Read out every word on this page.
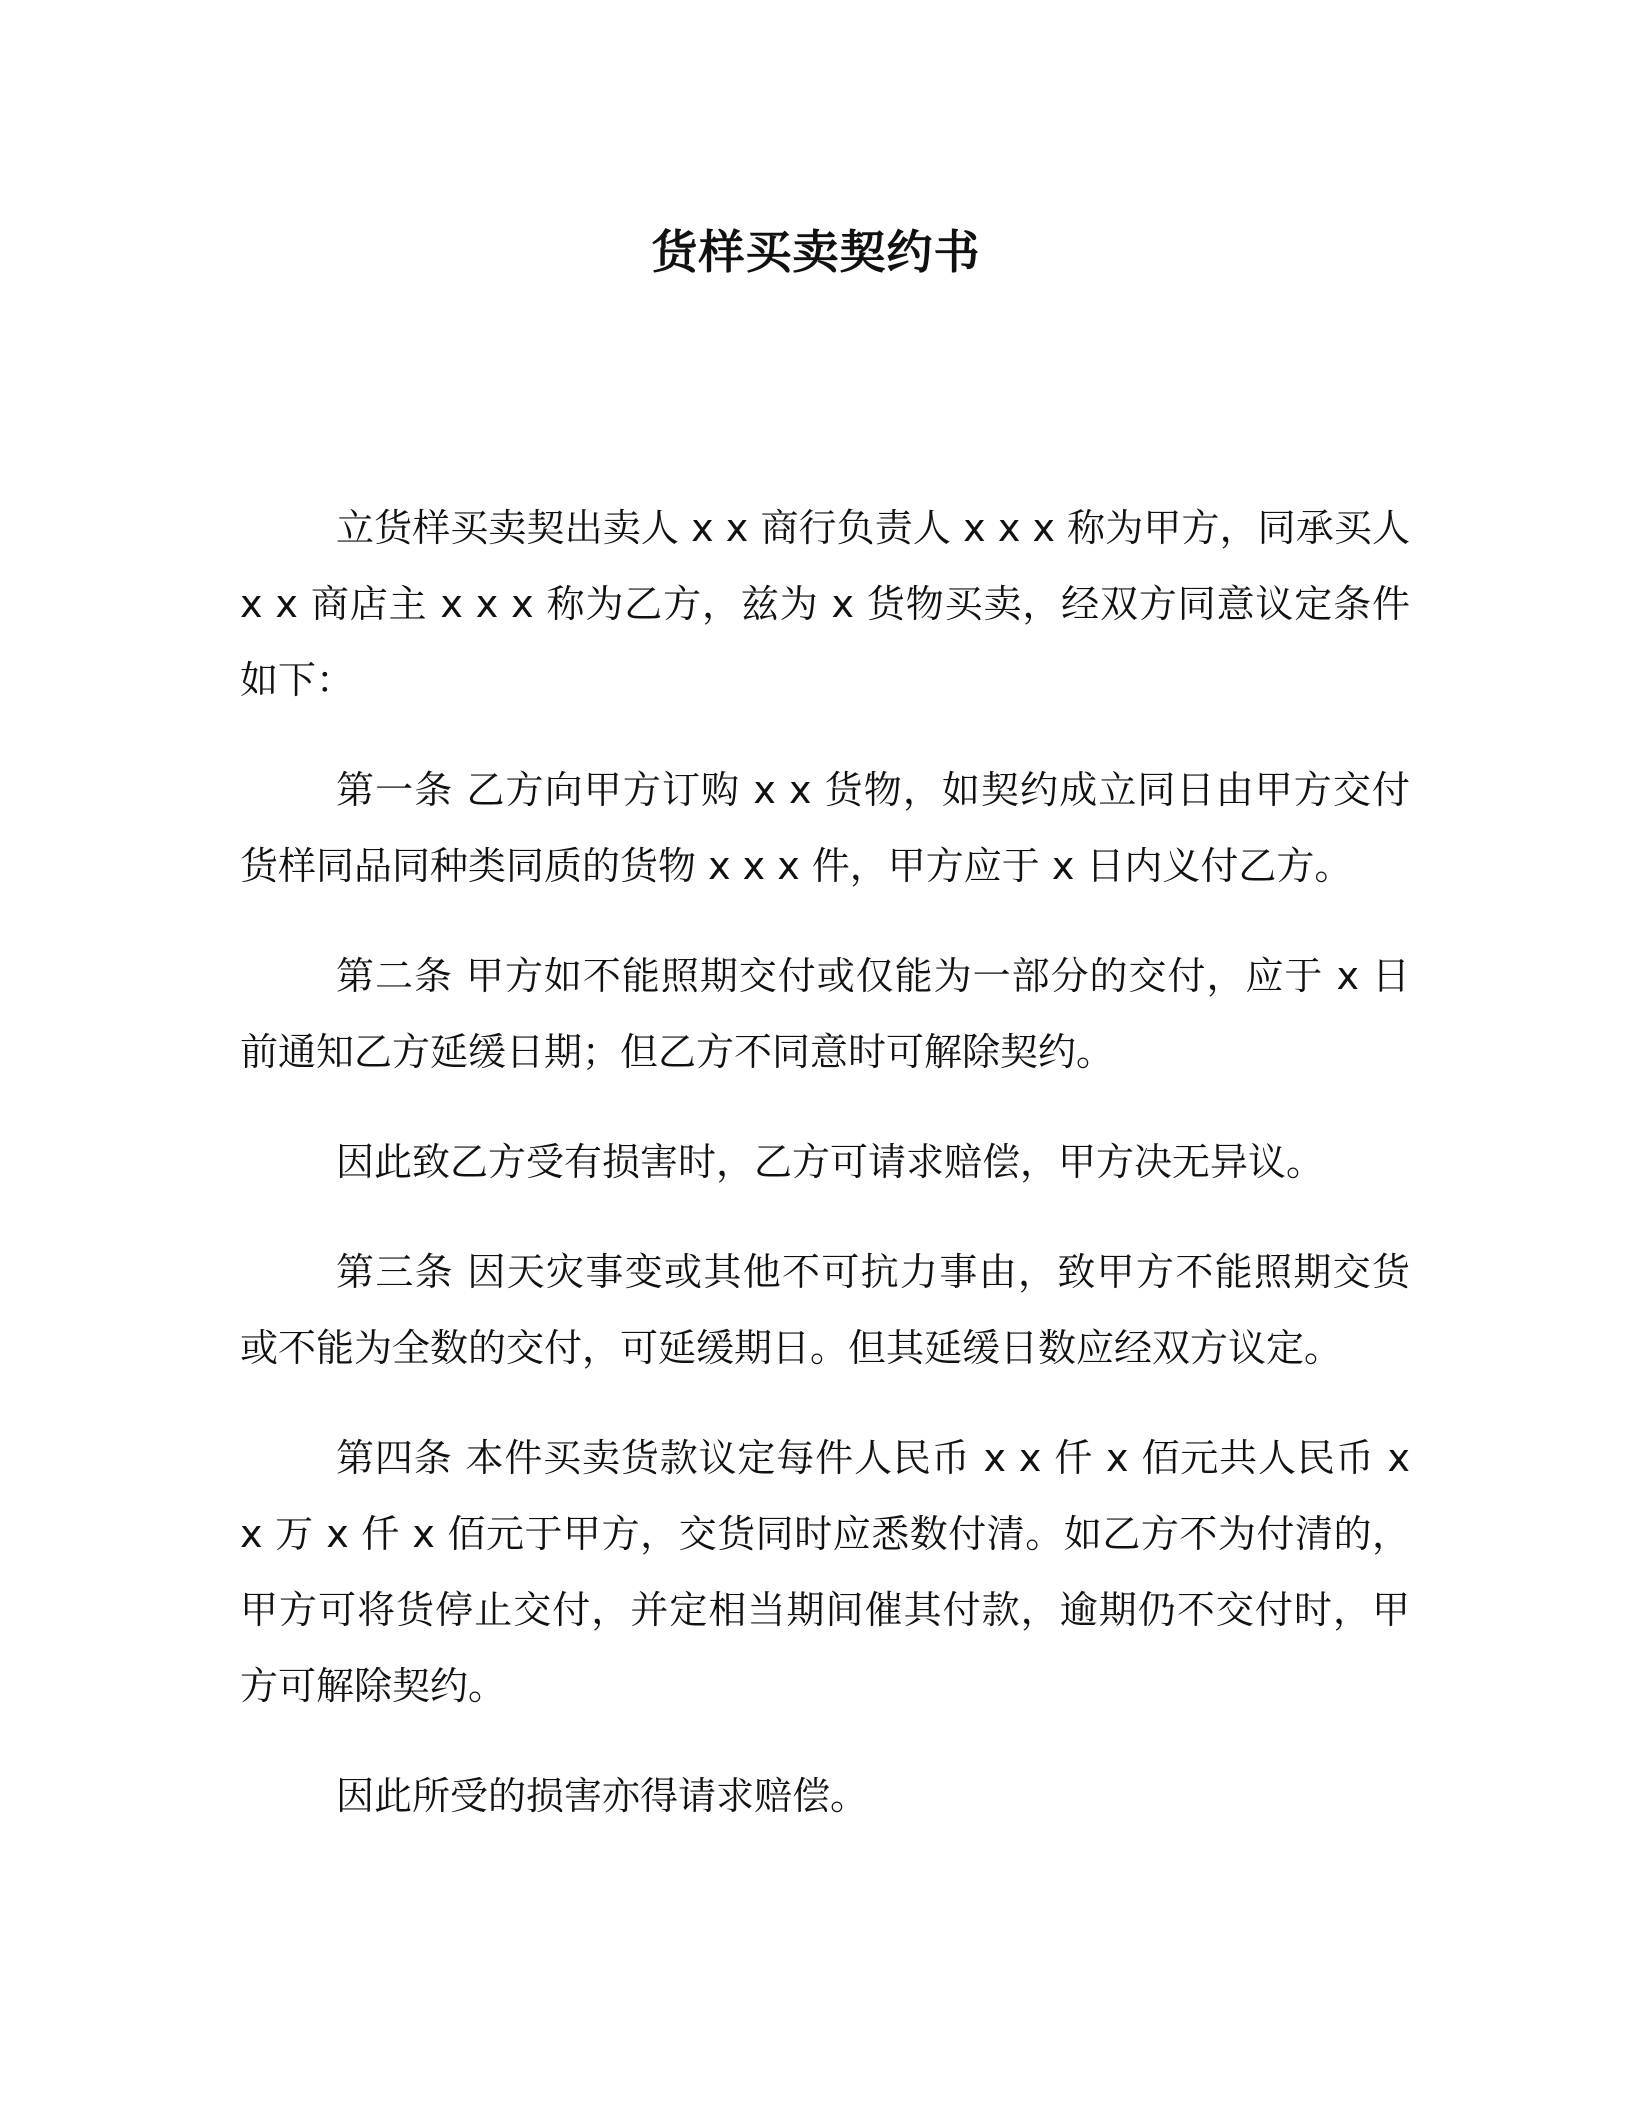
货样买卖契约书

立货样买卖契出卖人 x x 商行负责人 x x x 称为甲方，同承买人 x x 商店主 x x x 称为乙方，兹为 x 货物买卖，经双方同意议定条件如下：

第一条 乙方向甲方订购 x x 货物，如契约成立同日由甲方交付货样同品同种类同质的货物 x x x 件，甲方应于 x 日内义付乙方。

第二条 甲方如不能照期交付或仅能为一部分的交付，应于 x 日前通知乙方延缓日期；但乙方不同意时可解除契约。

因此致乙方受有损害时，乙方可请求赔偿，甲方决无异议。

第三条 因天灾事变或其他不可抗力事由，致甲方不能照期交货或不能为全数的交付，可延缓期日。但其延缓日数应经双方议定。

第四条 本件买卖货款议定每件人民币 x x 仟 x 佰元共人民币 x x 万 x 仟 x 佰元于甲方，交货同时应悉数付清。如乙方不为付清的，甲方可将货停止交付，并定相当期间催其付款，逾期仍不交付时，甲方可解除契约。

因此所受的损害亦得请求赔偿。
